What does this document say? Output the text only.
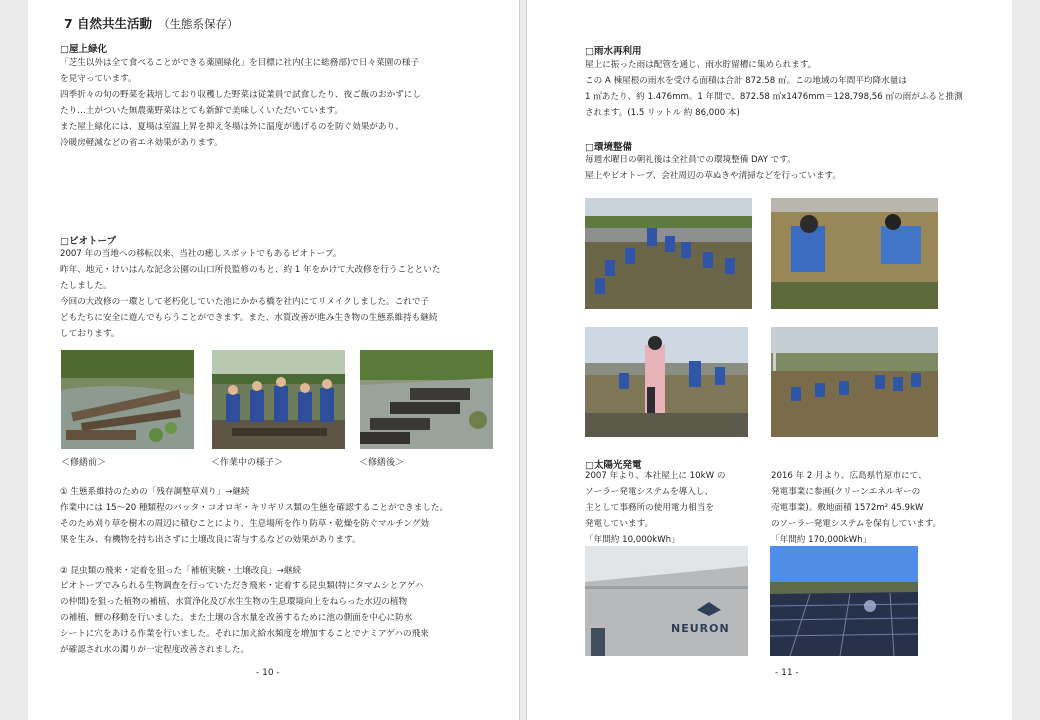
7 自然共生活動 （生態系保存）
□屋上緑化
「芝生以外は全て食べることができる薬園緑化」を目標に社内(主に総務部)で日々菜園の様子
を見守っています。
四季折々の旬の野菜を栽培しており収穫した野菜は従業員で試食したり、夜ご飯のおかずにし
たり…土がついた無農薬野菜はとても新鮮で美味しくいただいています。
また屋上緑化には、夏場は室温上昇を抑え冬場は外に温度が逃げるのを防ぐ効果があり、
冷暖房軽減などの省エネ効果があります。
□ビオトープ
2007 年の当地への移転以来、当社の癒しスポットでもあるビオトープ。
昨年、地元・けいはんな記念公園の山口所長監修のもと、約 1 年をかけて大改修を行うことといた
たしました。
今回の大改修の一環として老朽化していた池にかかる橋を社内にてリメイクしました。これで子
どもたちに安全に遊んでもらうことができます。また、水質改善が進み生き物の生態系維持も継続
しております。
＜修繕前＞	＜作業中の様子＞	＜修繕後＞
① 生態系維持のための「残存調整草刈り」→継続
作業中には 15～20 種類程のバッタ・コオロギ・キリギリス類の生態を確認することができました。
そのため刈り草を樹木の周辺に積むことにより、生息場所を作り防草・乾燥を防ぐマルチング効
果を生み、有機物を持ち出さずに土壌改良に寄与するなどの効果があります。
② 昆虫類の飛来・定着を狙った「補植実験・土壌改良」→継続
ビオトープでみられる生物調査を行っていただき飛来・定着する昆虫類(特にタマムシとアゲハ
の仲間)を狙った植物の補植、水質浄化及び水生生物の生息環境向上をねらった水辺の植物
の補植、鯉の移動を行いました。また土壌の含水量を改善するために池の側面を中心に防水
シートに穴をあける作業を行いました。それに加え給水頻度を増加することでナミアゲハの飛来
が確認され水の濁りが一定程度改善されました。
- 10 -
□雨水再利用
屋上に振った雨は配管を通じ、雨水貯留槽に集められます。
この A 棟屋根の雨水を受ける面積は合計 872.58 ㎡。この地域の年間平均降水量は
1 ㎡あたり、約 1.476mm。1 年間で、872.58 ㎡x1476mm＝128,798,56 ㎡の雨がふると推測
されます。(1.5 リットル 約 86,000 本)
□環境整備
毎週水曜日の朝礼後は全社員での環境整備 DAY です。
屋上やビオトープ、会社周辺の草ぬきや清掃などを行っています。
□太陽光発電
2007 年より、本社屋上に 10kW の
ソーラー発電システムを導入し、
主として事務所の使用電力相当を
発電しています。
「年間約 10,000kWh」
2016 年 2 月より、広島県竹原市にて、
発電事業に参画(クリーンエネルギーの
売電事業)。敷地面積 1572m² 45.9kW
のソーラー発電システムを保有しています。
「年間約 170,000kWh」
NEURON
- 11 -
